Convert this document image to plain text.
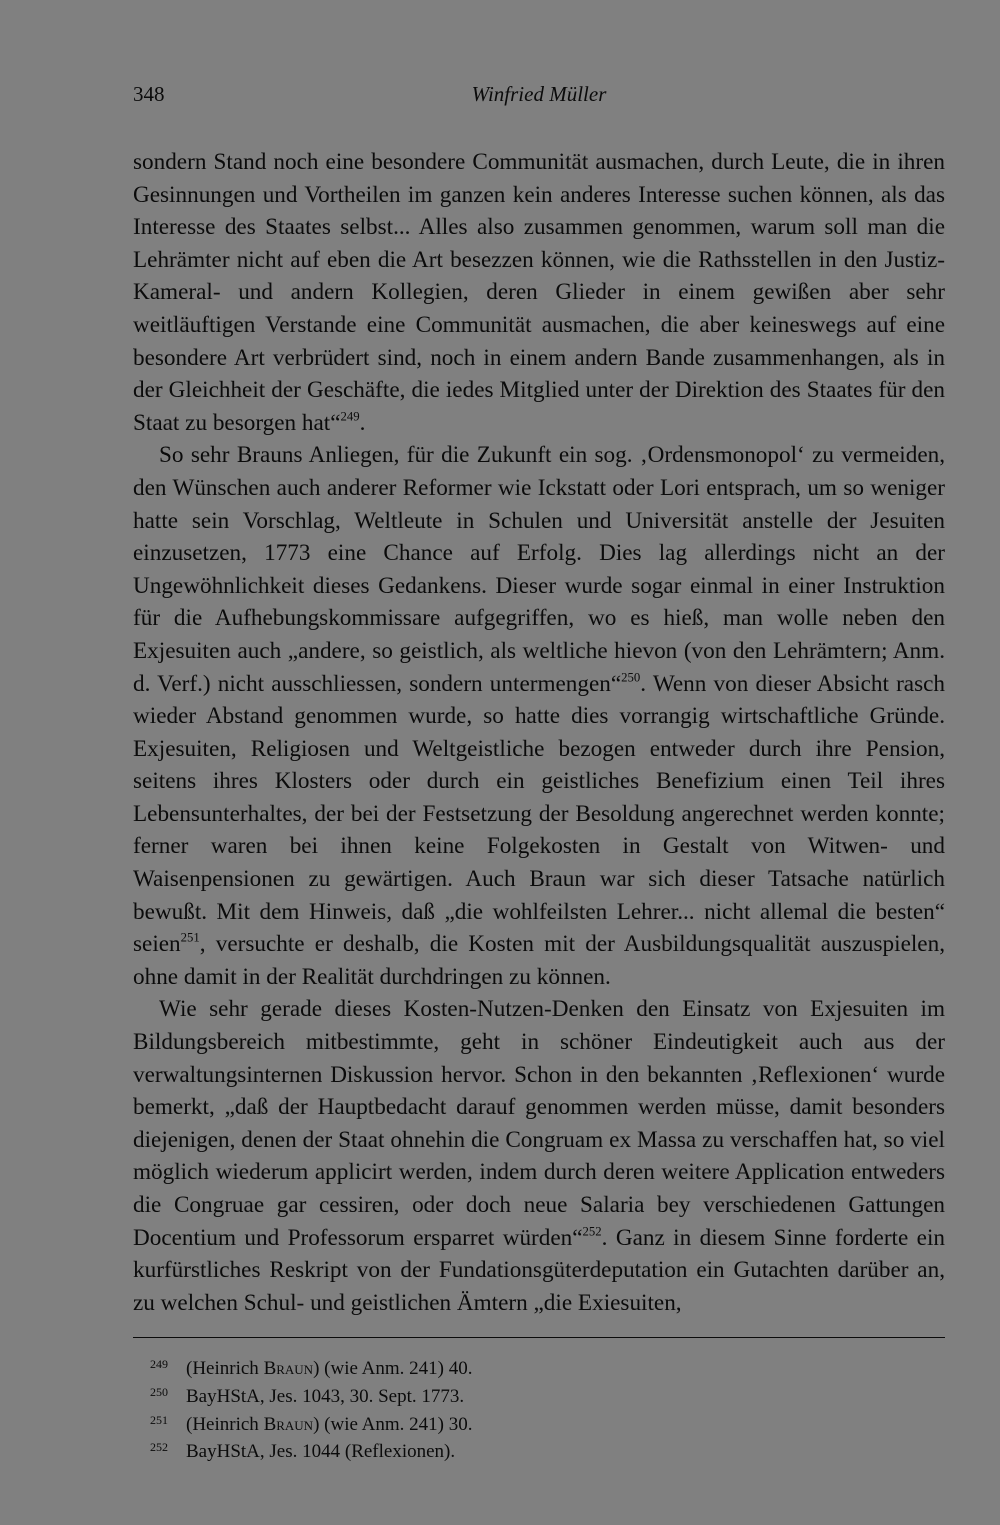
348	Winfried Müller

sondern Stand noch eine besondere Communität ausmachen, durch Leute, die in ihren Gesinnungen und Vortheilen im ganzen kein anderes Interesse suchen können, als das Interesse des Staates selbst... Alles also zusammen genommen, warum soll man die Lehrämter nicht auf eben die Art besezzen können, wie die Rathsstellen in den Justiz- Kameral- und andern Kollegien, deren Glieder in einem gewißen aber sehr weitläuftigen Verstande eine Communität ausmachen, die aber keineswegs auf eine besondere Art verbrüdert sind, noch in einem andern Bande zusammenhangen, als in der Gleichheit der Geschäfte, die iedes Mitglied unter der Direktion des Staates für den Staat zu besorgen hat“$^{249}$.

So sehr Brauns Anliegen, für die Zukunft ein sog. ‚Ordensmonopol‘ zu vermeiden, den Wünschen auch anderer Reformer wie Ickstatt oder Lori entsprach, um so weniger hatte sein Vorschlag, Weltleute in Schulen und Universität anstelle der Jesuiten einzusetzen, 1773 eine Chance auf Erfolg. Dies lag allerdings nicht an der Ungewöhnlichkeit dieses Gedankens. Dieser wurde sogar einmal in einer Instruktion für die Aufhebungskommissare aufgegriffen, wo es hieß, man wolle neben den Exjesuiten auch „andere, so geistlich, als weltliche hievon (von den Lehrämtern; Anm. d. Verf.) nicht ausschliessen, sondern untermengen“$^{250}$. Wenn von dieser Absicht rasch wieder Abstand genommen wurde, so hatte dies vorrangig wirtschaftliche Gründe. Exjesuiten, Religiosen und Weltgeistliche bezogen entweder durch ihre Pension, seitens ihres Klosters oder durch ein geistliches Benefizium einen Teil ihres Lebensunterhaltes, der bei der Festsetzung der Besoldung angerechnet werden konnte; ferner waren bei ihnen keine Folgekosten in Gestalt von Witwen- und Waisenpensionen zu gewärtigen. Auch Braun war sich dieser Tatsache natürlich bewußt. Mit dem Hinweis, daß „die wohlfeilsten Lehrer... nicht allemal die besten“ seien$^{251}$, versuchte er deshalb, die Kosten mit der Ausbildungsqualität auszuspielen, ohne damit in der Realität durchdringen zu können.

Wie sehr gerade dieses Kosten-Nutzen-Denken den Einsatz von Exjesuiten im Bildungsbereich mitbestimmte, geht in schöner Eindeutigkeit auch aus der verwaltungsinternen Diskussion hervor. Schon in den bekannten ‚Reflexionen‘ wurde bemerkt, „daß der Hauptbedacht darauf genommen werden müsse, damit besonders diejenigen, denen der Staat ohnehin die Congruam ex Massa zu verschaffen hat, so viel möglich wiederum applicirt werden, indem durch deren weitere Application entweders die Congruae gar cessiren, oder doch neue Salaria bey verschiedenen Gattungen Docentium und Professorum ersparret würden“$^{252}$. Ganz in diesem Sinne forderte ein kurfürstliches Reskript von der Fundationsgüterdeputation ein Gutachten darüber an, zu welchen Schul- und geistlichen Ämtern „die Exiesuiten,

249 (Heinrich Braun) (wie Anm. 241) 40.
250 BayHStA, Jes. 1043, 30. Sept. 1773.
251 (Heinrich Braun) (wie Anm. 241) 30.
252 BayHStA, Jes. 1044 (Reflexionen).
